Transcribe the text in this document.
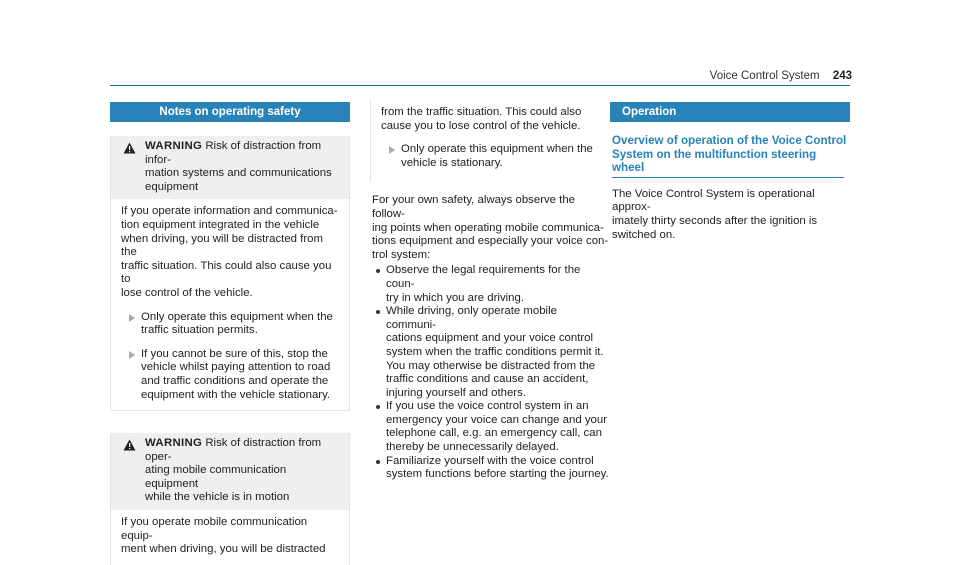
Voice Control System 243
Notes on operating safety
WARNING Risk of distraction from infor-
mation systems and communications
equipment
If you operate information and communica-
tion equipment integrated in the vehicle
when driving, you will be distracted from the
traffic situation. This could also cause you to
lose control of the vehicle.
Only operate this equipment when the
traffic situation permits.
If you cannot be sure of this, stop the
vehicle whilst paying attention to road
and traffic conditions and operate the
equipment with the vehicle stationary.
WARNING Risk of distraction from oper-
ating mobile communication equipment
while the vehicle is in motion
If you operate mobile communication equip-
ment when driving, you will be distracted
from the traffic situation. This could also
cause you to lose control of the vehicle.
Only operate this equipment when the
vehicle is stationary.
For your own safety, always observe the follow-
ing points when operating mobile communica-
tions equipment and especially your voice con-
trol system:
Observe the legal requirements for the coun-
try in which you are driving.
While driving, only operate mobile communi-
cations equipment and your voice control
system when the traffic conditions permit it.
You may otherwise be distracted from the
traffic conditions and cause an accident,
injuring yourself and others.
If you use the voice control system in an
emergency your voice can change and your
telephone call, e.g. an emergency call, can
thereby be unnecessarily delayed.
Familiarize yourself with the voice control
system functions before starting the journey.
Operation
Overview of operation of the Voice Control
System on the multifunction steering wheel
The Voice Control System is operational approx-
imately thirty seconds after the ignition is
switched on.
